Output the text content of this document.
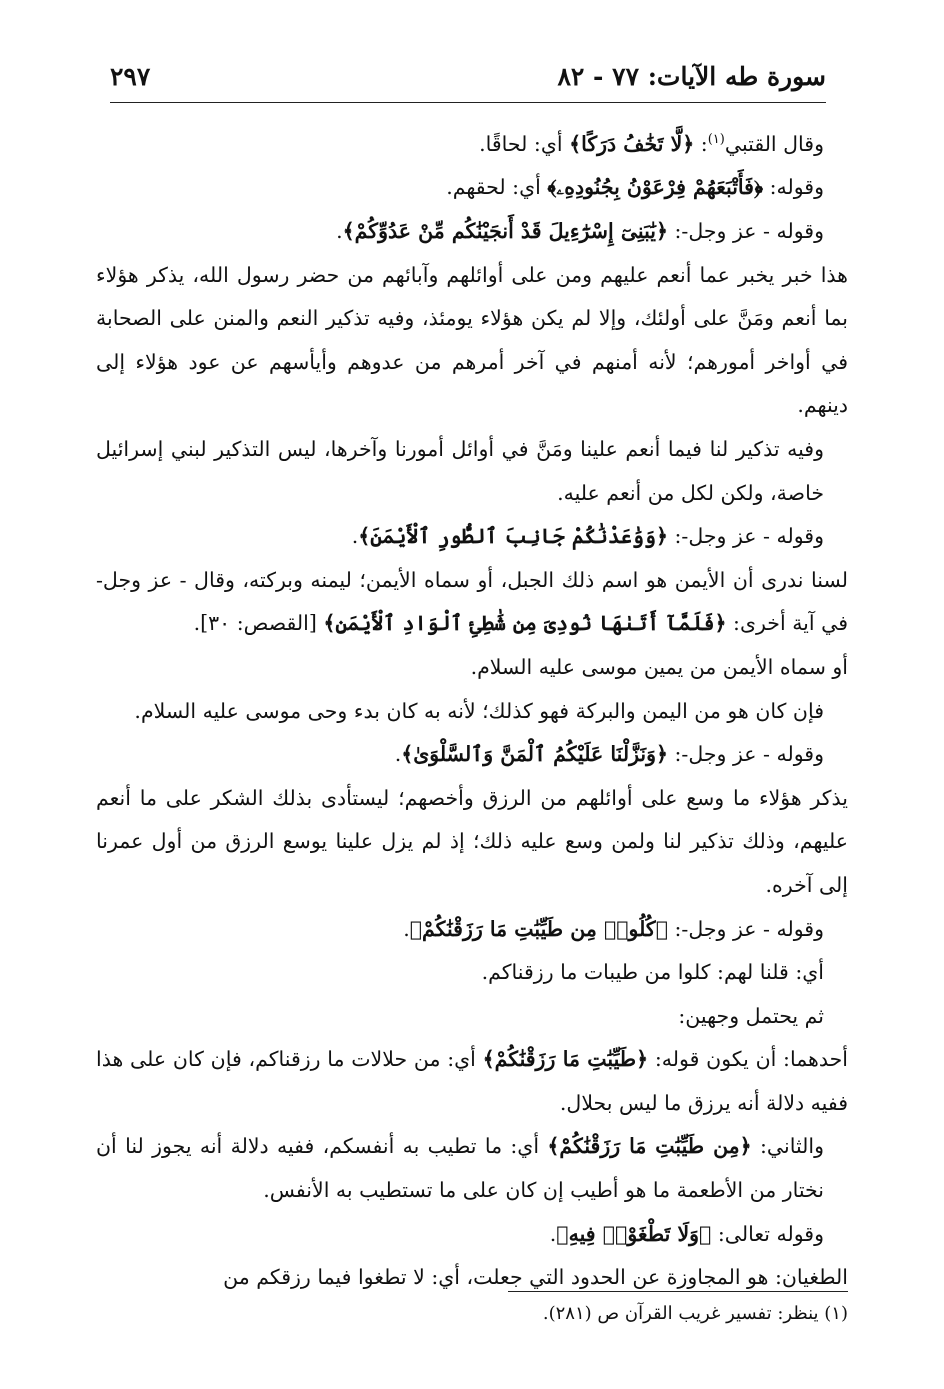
سورة طه الآيات: ٧٧ - ٨٢
٢٩٧

وقال القتبي$^{(١)}$: ﴿لَّا تَخَٰفُ دَرَكًا﴾ أي: لحاقًا.

وقوله: ﴿فَأَتْبَعَهُمْ فِرْعَوْنُ بِجُنُودِهِۦ﴾ أي: لحقهم.

وقوله - عز وجل-: ﴿يَٰبَنِىٓ إِسْرَٰٓءِيلَ قَدْ أَنجَيْنَٰكُم مِّنْ عَدُوِّكُمْ﴾.

هذا خبر يخبر عما أنعم عليهم ومن على أوائلهم وآبائهم من حضر رسول الله، يذكر هؤلاء بما أنعم ومَنَّ على أولئك، وإلا لم يكن هؤلاء يومئذ، وفيه تذكير النعم والمنن على الصحابة في أواخر أمورهم؛ لأنه أمنهم في آخر أمرهم من عدوهم وأيأسهم عن عود هؤلاء إلى دينهم.

وفيه تذكير لنا فيما أنعم علينا ومَنَّ في أوائل أمورنا وآخرها، ليس التذكير لبني إسرائيل خاصة، ولكن لكل من أنعم عليه.

وقوله - عز وجل-: ﴿وَوَٰعَدْنَٰكُمْ جَانِبَ ٱلطُّورِ ٱلْأَيْمَنَ﴾.

لسنا ندرى أن الأيمن هو اسم ذلك الجبل، أو سماه الأيمن؛ ليمنه وبركته، وقال - عز وجل- في آية أخرى: ﴿فَلَمَّآ أَتَىٰهَا نُودِىَ مِن شَٰطِئِ ٱلْوَادِ ٱلْأَيْمَنِ﴾ [القصص: ٣٠].

أو سماه الأيمن من يمين موسى عليه السلام.

فإن كان هو من اليمن والبركة فهو كذلك؛ لأنه به كان بدء وحى موسى عليه السلام.

وقوله - عز وجل-: ﴿وَنَزَّلْنَا عَلَيْكُمُ ٱلْمَنَّ وَٱلسَّلْوَىٰ﴾.

يذكر هؤلاء ما وسع على أوائلهم من الرزق وأخصهم؛ ليستأدى بذلك الشكر على ما أنعم عليهم، وذلك تذكير لنا ولمن وسع عليه ذلك؛ إذ لم يزل علينا يوسع الرزق من أول عمرنا إلى آخره.

وقوله - عز وجل-: ﴿كُلُوا۟ مِن طَيِّبَٰتِ مَا رَزَقْنَٰكُمْ﴾.

أي: قلنا لهم: كلوا من طيبات ما رزقناكم.

ثم يحتمل وجهين:

أحدهما: أن يكون قوله: ﴿طَيِّبَٰتِ مَا رَزَقْنَٰكُمْ﴾ أي: من حلالات ما رزقناكم، فإن كان على هذا ففيه دلالة أنه يرزق ما ليس بحلال.

والثاني: ﴿مِن طَيِّبَٰتِ مَا رَزَقْنَٰكُمْ﴾ أي: ما تطيب به أنفسكم، ففيه دلالة أنه يجوز لنا أن نختار من الأطعمة ما هو أطيب إن كان على ما تستطيب به الأنفس.

وقوله تعالى: ﴿وَلَا تَطْغَوْا۟ فِيهِ﴾.

الطغيان: هو المجاوزة عن الحدود التي جعلت، أي: لا تطغوا فيما رزقكم من

(١) ينظر: تفسير غريب القرآن ص (٢٨١).
